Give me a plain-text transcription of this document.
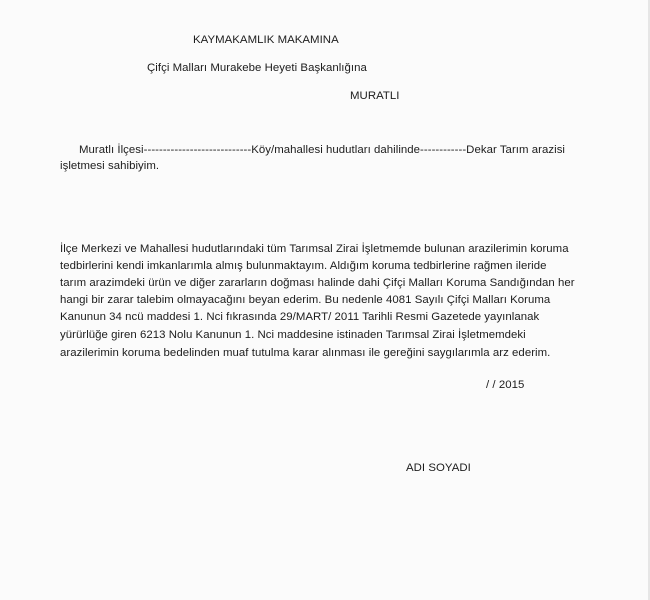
KAYMAKAMLIK MAKAMINA
Çifçi Malları Murakebe Heyeti Başkanlığına
MURATLI
Muratlı İlçesi----------------------------Köy/mahallesi hudutları dahilinde------------Dekar Tarım arazisi
işletmesi sahibiyim.
İlçe Merkezi ve Mahallesi hudutlarındaki tüm Tarımsal Zirai İşletmemde bulunan arazilerimin koruma
tedbirlerini kendi imkanlarımla almış bulunmaktayım. Aldığım koruma tedbirlerine rağmen ileride
tarım arazimdeki ürün ve diğer zararların doğması halinde dahi Çifçi Malları Koruma Sandığından her
hangi bir zarar talebim olmayacağını beyan ederim. Bu nedenle 4081 Sayılı Çifçi Malları Koruma
Kanunun 34 ncü maddesi 1. Nci fıkrasında 29/MART/ 2011 Tarihli Resmi Gazetede yayınlanak
yürürlüğe giren 6213 Nolu Kanunun 1. Nci maddesine istinaden Tarımsal Zirai İşletmemdeki
arazilerimin koruma bedelinden muaf tutulma karar alınması ile gereğini saygılarımla arz ederim.
/ / 2015
ADI SOYADI
